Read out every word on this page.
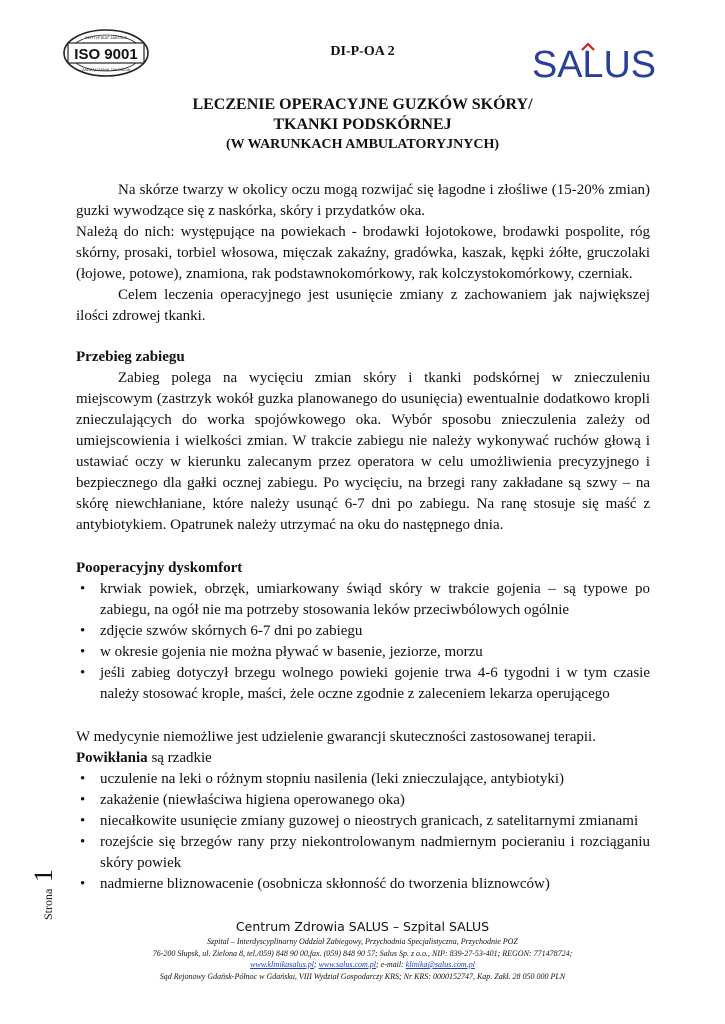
ISO 9001
CERTYFIKAT JAKOŚCI
ZARZĄDZANIA JAKOŚCIĄ
DI-P-OA 2	SALUS
LECZENIE OPERACYJNE GUZKÓW SKÓRY/
TKANKI PODSKÓRNEJ
(W WARUNKACH AMBULATORYJNYCH)

Na skórze twarzy w okolicy oczu mogą rozwijać się łagodne i złośliwe (15-20% zmian) guzki wywodzące się z naskórka, skóry i przydatków oka.

Należą do nich: występujące na powiekach - brodawki łojotokowe, brodawki pospolite, róg skórny, prosaki, torbiel włosowa, mięczak zakaźny, gradówka, kaszak, kępki żółte, gruczolaki (łojowe, potowe), znamiona, rak podstawnokomórkowy, rak kolczystokomórkowy, czerniak.

Celem leczenia operacyjnego jest usunięcie zmiany z zachowaniem jak największej ilości zdrowej tkanki.

Przebieg zabiegu

Zabieg polega na wycięciu zmian skóry i tkanki podskórnej w znieczuleniu miejscowym (zastrzyk wokół guzka planowanego do usunięcia) ewentualnie dodatkowo kropli znieczulających do worka spojówkowego oka. Wybór sposobu znieczulenia zależy od umiejscowienia i wielkości zmian. W trakcie zabiegu nie należy wykonywać ruchów głową i ustawiać oczy w kierunku zalecanym przez operatora w celu umożliwienia precyzyjnego i bezpiecznego dla gałki ocznej zabiegu. Po wycięciu, na brzegi rany zakładane są szwy – na skórę niewchłaniane, które należy usunąć 6-7 dni po zabiegu. Na ranę stosuje się maść z antybiotykiem. Opatrunek należy utrzymać na oku do następnego dnia.

Pooperacyjny dyskomfort

• krwiak powiek, obrzęk, umiarkowany świąd skóry w trakcie gojenia – są typowe po zabiegu, na ogół nie ma potrzeby stosowania leków przeciwbólowych ogólnie
• zdjęcie szwów skórnych 6-7 dni po zabiegu
• w okresie gojenia nie można pływać w basenie, jeziorze, morzu
• jeśli zabieg dotyczył brzegu wolnego powieki gojenie trwa 4-6 tygodni i w tym czasie należy stosować krople, maści, żele oczne zgodnie z zaleceniem lekarza operującego

W medycynie niemożliwe jest udzielenie gwarancji skuteczności zastosowanej terapii.

Powikłania są rzadkie

• uczulenie na leki o różnym stopniu nasilenia (leki znieczulające, antybiotyki)
• zakażenie (niewłaściwa higiena operowanego oka)
• niecałkowite usunięcie zmiany guzowej o nieostrych granicach, z satelitarnymi zmianami
• rozejście się brzegów rany przy niekontrolowanym nadmiernym pocieraniu i rozciąganiu skóry powiek
• nadmierne bliznowacenie (osobnicza skłonność do tworzenia bliznowców)
Strona
1
Centrum Zdrowia SALUS – Szpital SALUS
Szpital – Interdyscyplinarny Oddział Zabiegowy, Przychodnia Specjalistyczna, Przychodnie POZ
76-200 Słupsk, ul. Zielona 8, tel./059) 848 90 00,fax. (059) 848 90 57; Salus Sp. z o.o., NIP: 839-27-53-401; REGON: 771478724;
www.klinikasalus.pl; www.salus.com.pl; e-mail: klinika@salus.com.pl
Sąd Rejonowy Gdańsk-Północ w Gdańsku, VIII Wydział Gospodarczy KRS; Nr KRS: 0000152747, Kap. Zakł. 28 050 000 PLN
